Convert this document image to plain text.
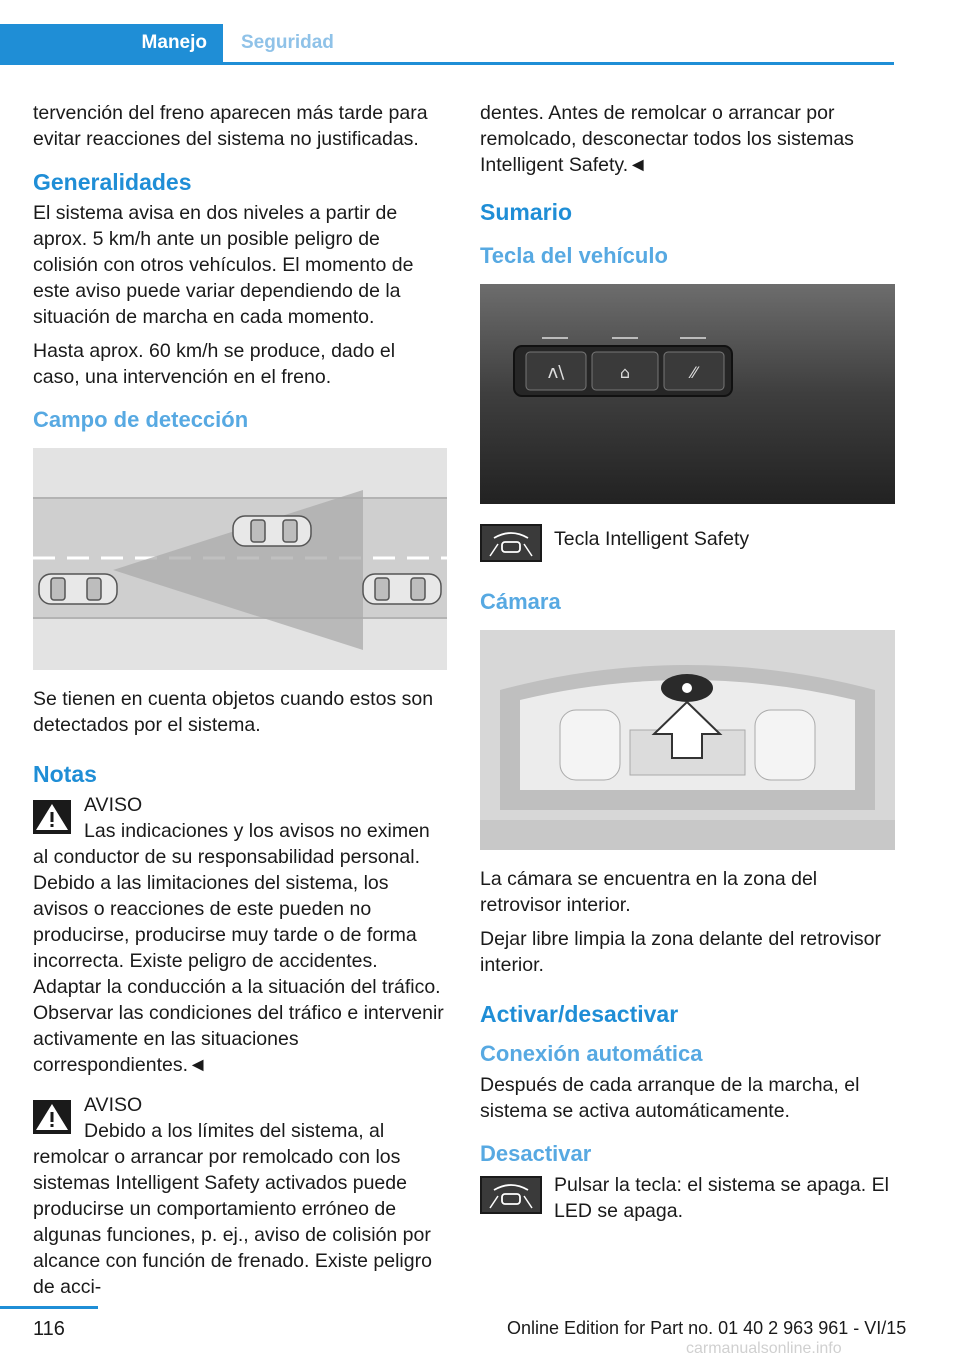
Manejo	Seguridad

tervención del freno aparecen más tarde para evitar reacciones del sistema no justificadas.

Generalidades

El sistema avisa en dos niveles a partir de aprox. 5 km/h ante un posible peligro de colisión con otros vehículos. El momento de este aviso puede variar dependiendo de la situación de marcha en cada momento.

Hasta aprox. 60 km/h se produce, dado el caso, una intervención en el freno.

Campo de detección

Se tienen en cuenta objetos cuando estos son detectados por el sistema.

Notas

AVISO

Las indicaciones y los avisos no eximen al conductor de su responsabilidad personal. Debido a las limitaciones del sistema, los avisos o reacciones de este pueden no producirse, producirse muy tarde o de forma incorrecta. Existe peligro de accidentes. Adaptar la conducción a la situación del tráfico. Observar las condiciones del tráfico e intervenir activamente en las situaciones correspondientes.◄

AVISO

Debido a los límites del sistema, al remolcar o arrancar por remolcado con los sistemas Intelligent Safety activados puede producirse un comportamiento erróneo de algunas funciones, p. ej., aviso de colisión por alcance con función de frenado. Existe peligro de acci-

dentes. Antes de remolcar o arrancar por remolcado, desconectar todos los sistemas Intelligent Safety.◄

Sumario
Tecla del vehículo
ʌ\	⌂	⁄⁄
Tecla Intelligent Safety
Cámara

La cámara se encuentra en la zona del retrovisor interior.

Dejar libre limpia la zona delante del retrovisor interior.

Activar/desactivar
Conexión automática

Después de cada arranque de la marcha, el sistema se activa automáticamente.

Desactivar
Pulsar la tecla: el sistema se apaga. El LED se apaga.
116	Online Edition for Part no. 01 40 2 963 961 - VI/15
carmanualsonline.info
